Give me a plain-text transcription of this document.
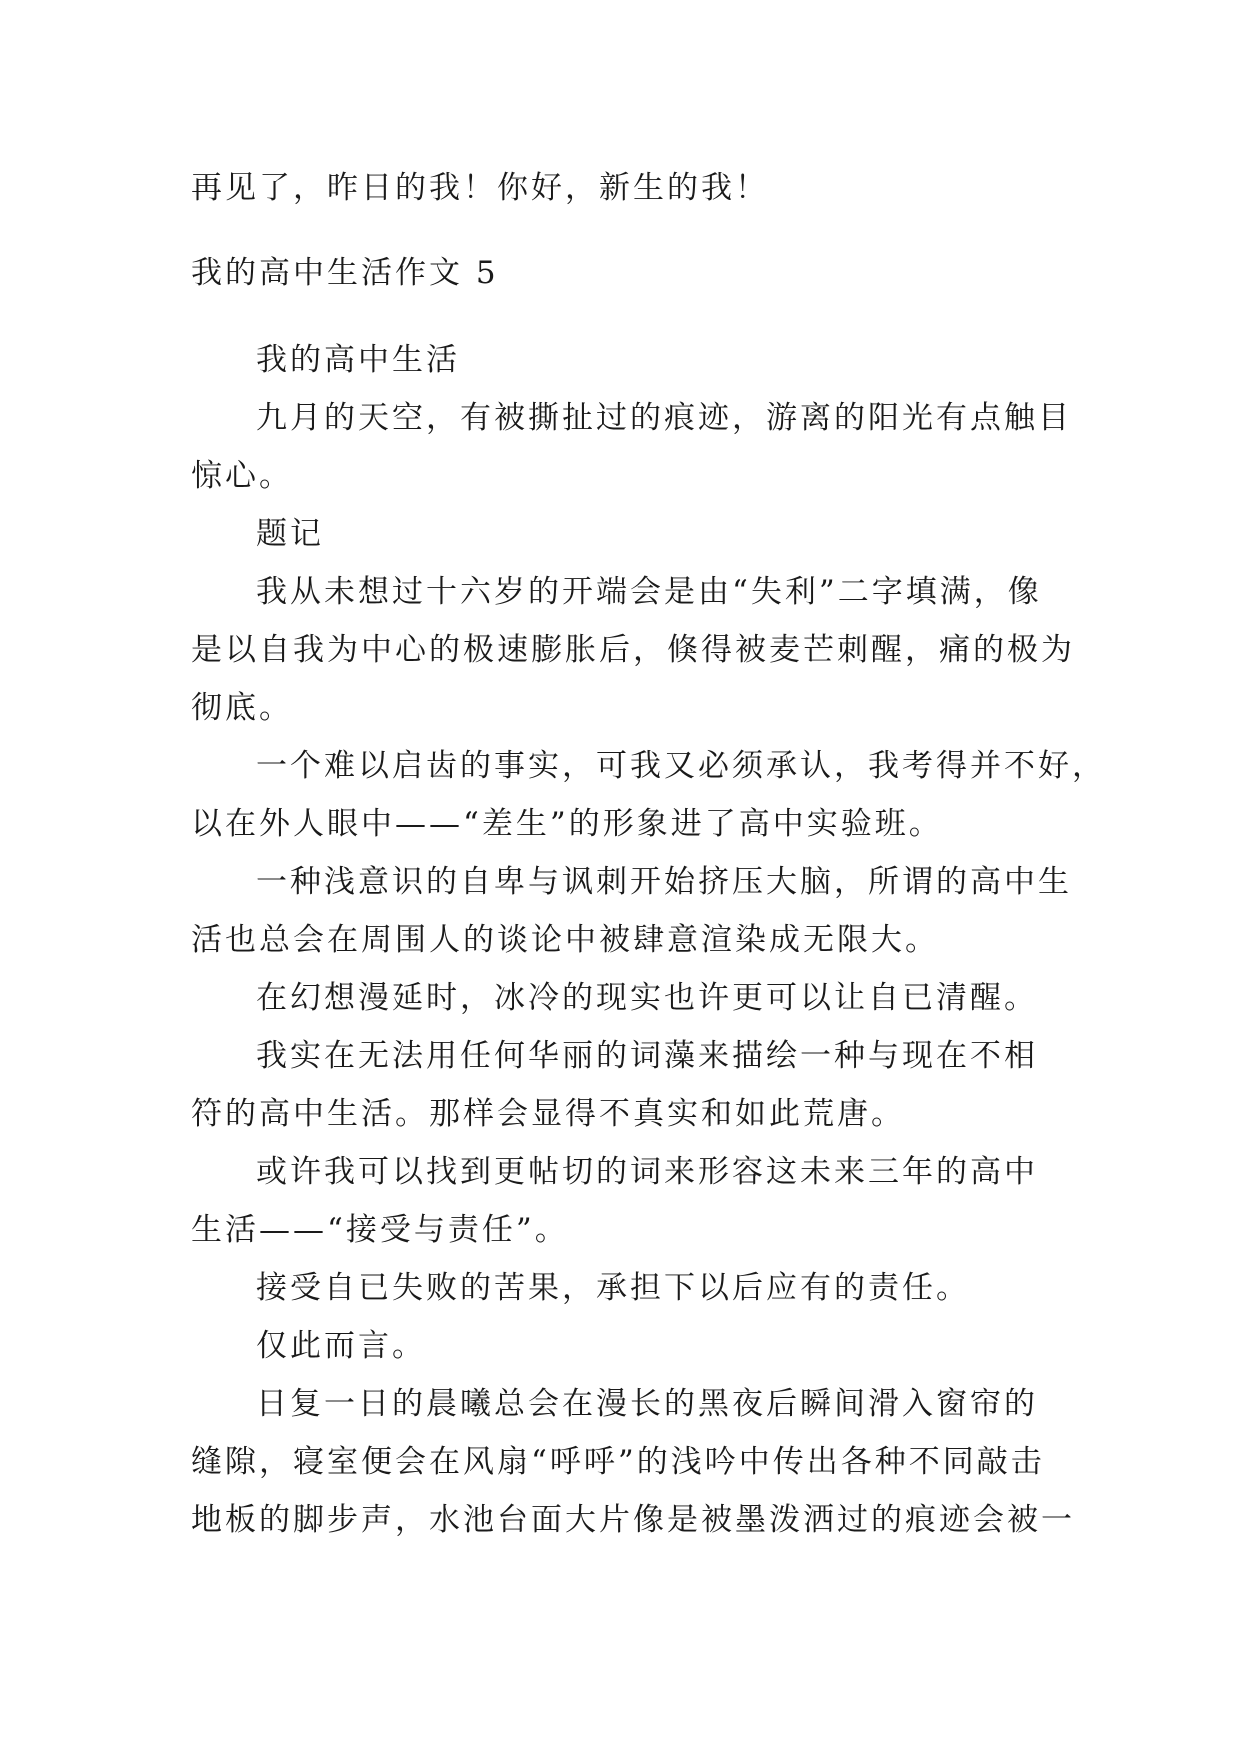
再见了，昨日的我！你好，新生的我！
我的高中生活作文 5
我的高中生活
九月的天空，有被撕扯过的痕迹，游离的阳光有点触目
惊心。
题记
我从未想过十六岁的开端会是由“失利”二字填满，像
是以自我为中心的极速膨胀后，倏得被麦芒刺醒，痛的极为
彻底。
一个难以启齿的事实，可我又必须承认，我考得并不好，
以在外人眼中——“差生”的形象进了高中实验班。
一种浅意识的自卑与讽刺开始挤压大脑，所谓的高中生
活也总会在周围人的谈论中被肆意渲染成无限大。
在幻想漫延时，冰冷的现实也许更可以让自已清醒。
我实在无法用任何华丽的词藻来描绘一种与现在不相
符的高中生活。那样会显得不真实和如此荒唐。
或许我可以找到更帖切的词来形容这未来三年的高中
生活——“接受与责任”。
接受自已失败的苦果，承担下以后应有的责任。
仅此而言。
日复一日的晨曦总会在漫长的黑夜后瞬间滑入窗帘的
缝隙，寝室便会在风扇“呼呼”的浅吟中传出各种不同敲击
地板的脚步声，水池台面大片像是被墨泼洒过的痕迹会被一
